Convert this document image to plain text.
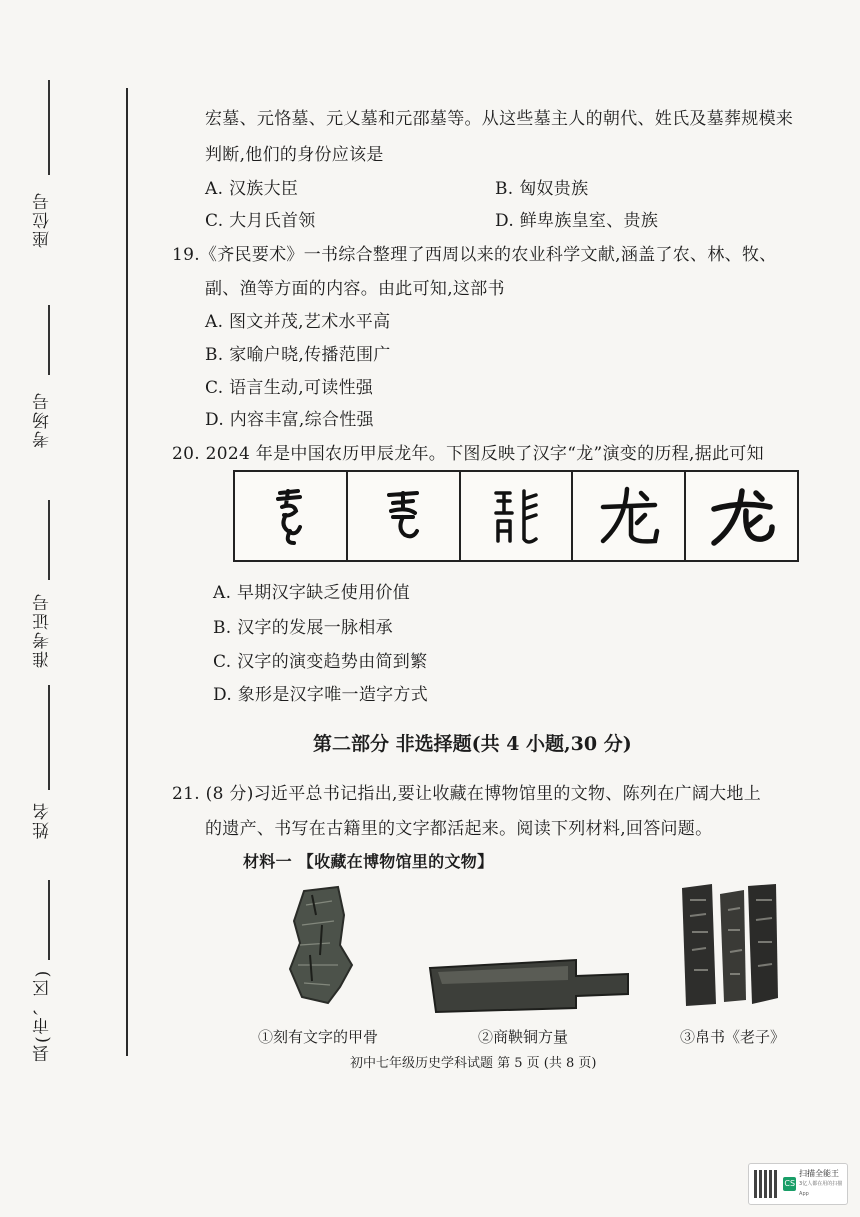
座位号
考场号
准考证号
姓名
县(市、区)
宏墓、元恪墓、元乂墓和元邵墓等。从这些墓主人的朝代、姓氏及墓葬规模来
判断,他们的身份应该是
A. 汉族大臣	B. 匈奴贵族
C. 大月氏首领	D. 鲜卑族皇室、贵族
19.《齐民要术》一书综合整理了西周以来的农业科学文献,涵盖了农、林、牧、
副、渔等方面的内容。由此可知,这部书
A. 图文并茂,艺术水平高
B. 家喻户晓,传播范围广
C. 语言生动,可读性强
D. 内容丰富,综合性强
20. 2024 年是中国农历甲辰龙年。下图反映了汉字“龙”演变的历程,据此可知
A. 早期汉字缺乏使用价值
B. 汉字的发展一脉相承
C. 汉字的演变趋势由简到繁
D. 象形是汉字唯一造字方式
第二部分 非选择题(共 4 小题,30 分)
21. (8 分)习近平总书记指出,要让收藏在博物馆里的文物、陈列在广阔大地上
的遗产、书写在古籍里的文字都活起来。阅读下列材料,回答问题。
材料一 【收藏在博物馆里的文物】
①刻有文字的甲骨	②商鞅铜方量	③帛书《老子》
初中七年级历史学科试题 第 5 页 (共 8 页)
CS
扫描全能王
3亿人都在用的扫描App
